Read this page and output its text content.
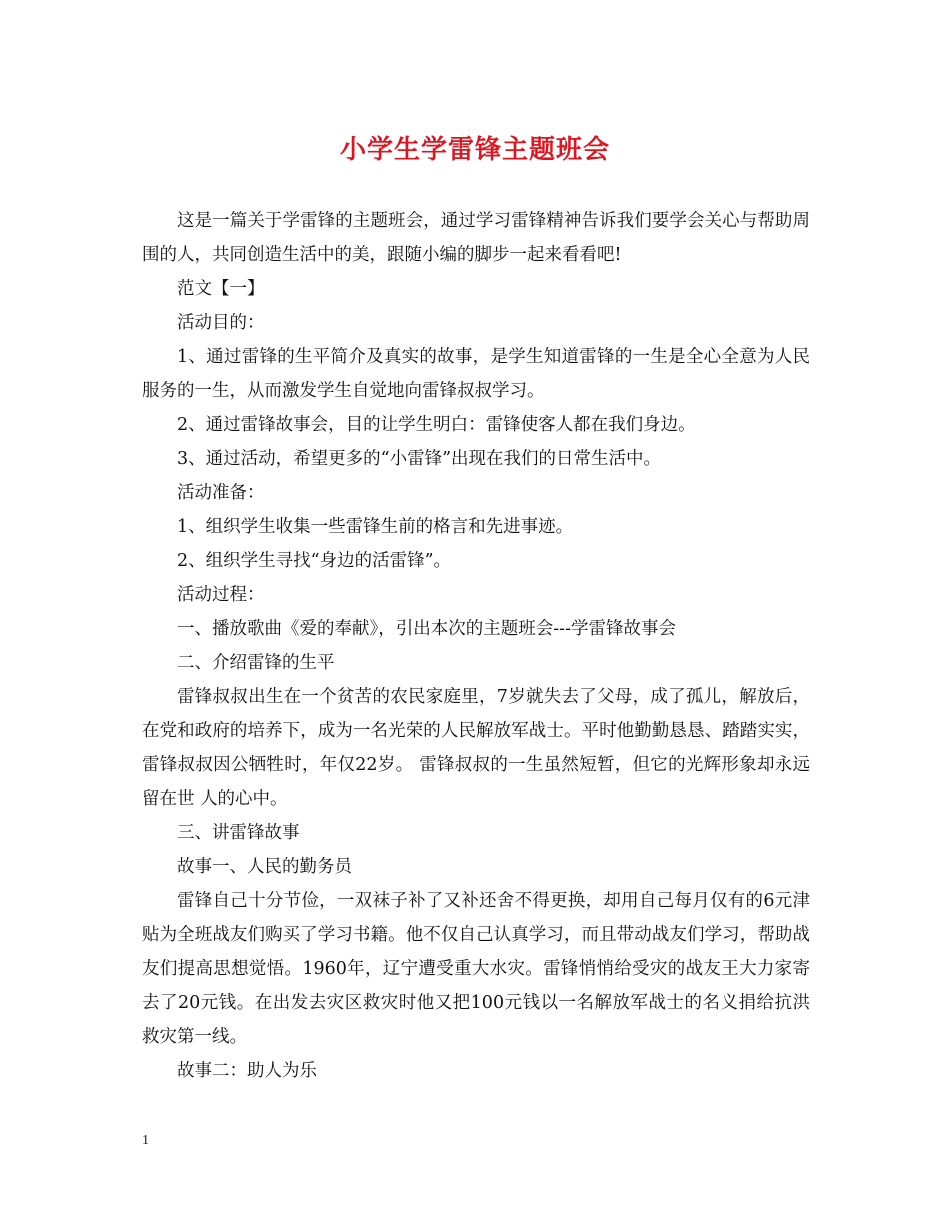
小学生学雷锋主题班会

这是一篇关于学雷锋的主题班会，通过学习雷锋精神告诉我们要学会关心与帮助周围的人，共同创造生活中的美，跟随小编的脚步一起来看看吧!

范文【一】

活动目的：

1、通过雷锋的生平简介及真实的故事，是学生知道雷锋的一生是全心全意为人民服务的一生，从而激发学生自觉地向雷锋叔叔学习。

2、通过雷锋故事会，目的让学生明白：雷锋使客人都在我们身边。

3、通过活动，希望更多的“小雷锋”出现在我们的日常生活中。

活动准备：

1、组织学生收集一些雷锋生前的格言和先进事迹。

2、组织学生寻找“身边的活雷锋”。

活动过程：

一、播放歌曲《爱的奉献》，引出本次的主题班会---学雷锋故事会

二、介绍雷锋的生平

雷锋叔叔出生在一个贫苦的农民家庭里，7岁就失去了父母，成了孤儿，解放后，在党和政府的培养下，成为一名光荣的人民解放军战士。平时他勤勤恳恳、踏踏实实，雷锋叔叔因公牺牲时，年仅22岁。 雷锋叔叔的一生虽然短暂，但它的光辉形象却永远留在世 人的心中。

三、讲雷锋故事

故事一、人民的勤务员

雷锋自己十分节俭，一双袜子补了又补还舍不得更换，却用自己每月仅有的6元津贴为全班战友们购买了学习书籍。他不仅自己认真学习，而且带动战友们学习，帮助战友们提高思想觉悟。1960年，辽宁遭受重大水灾。雷锋悄悄给受灾的战友王大力家寄去了20元钱。在出发去灾区救灾时他又把100元钱以一名解放军战士的名义捐给抗洪救灾第一线。

故事二：助人为乐

1
